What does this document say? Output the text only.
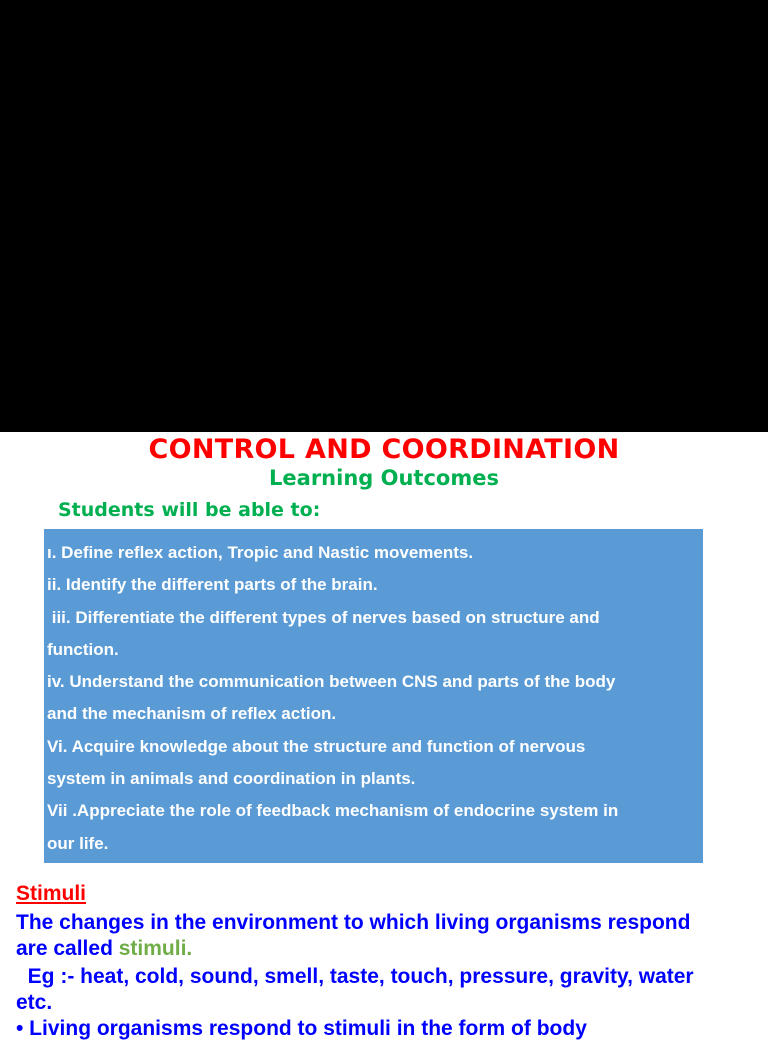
CONTROL AND COORDINATION
Learning Outcomes
Students will be able to:
ı. Define reflex action, Tropic and Nastic movements.
ii. Identify the different parts of the brain.
iii. Differentiate the different types of nerves based on structure and
function.
iv. Understand the communication between CNS and parts of the body
and the mechanism of reflex action.
Vi. Acquire knowledge about the structure and function of nervous
system in animals and coordination in plants.
Vii .Appreciate the role of feedback mechanism of endocrine system in
our life.
Stimuli
The changes in the environment to which living organisms respond
are called stimuli.
Eg :- heat, cold, sound, smell, taste, touch, pressure, gravity, water
etc.
• Living organisms respond to stimuli in the form of body
